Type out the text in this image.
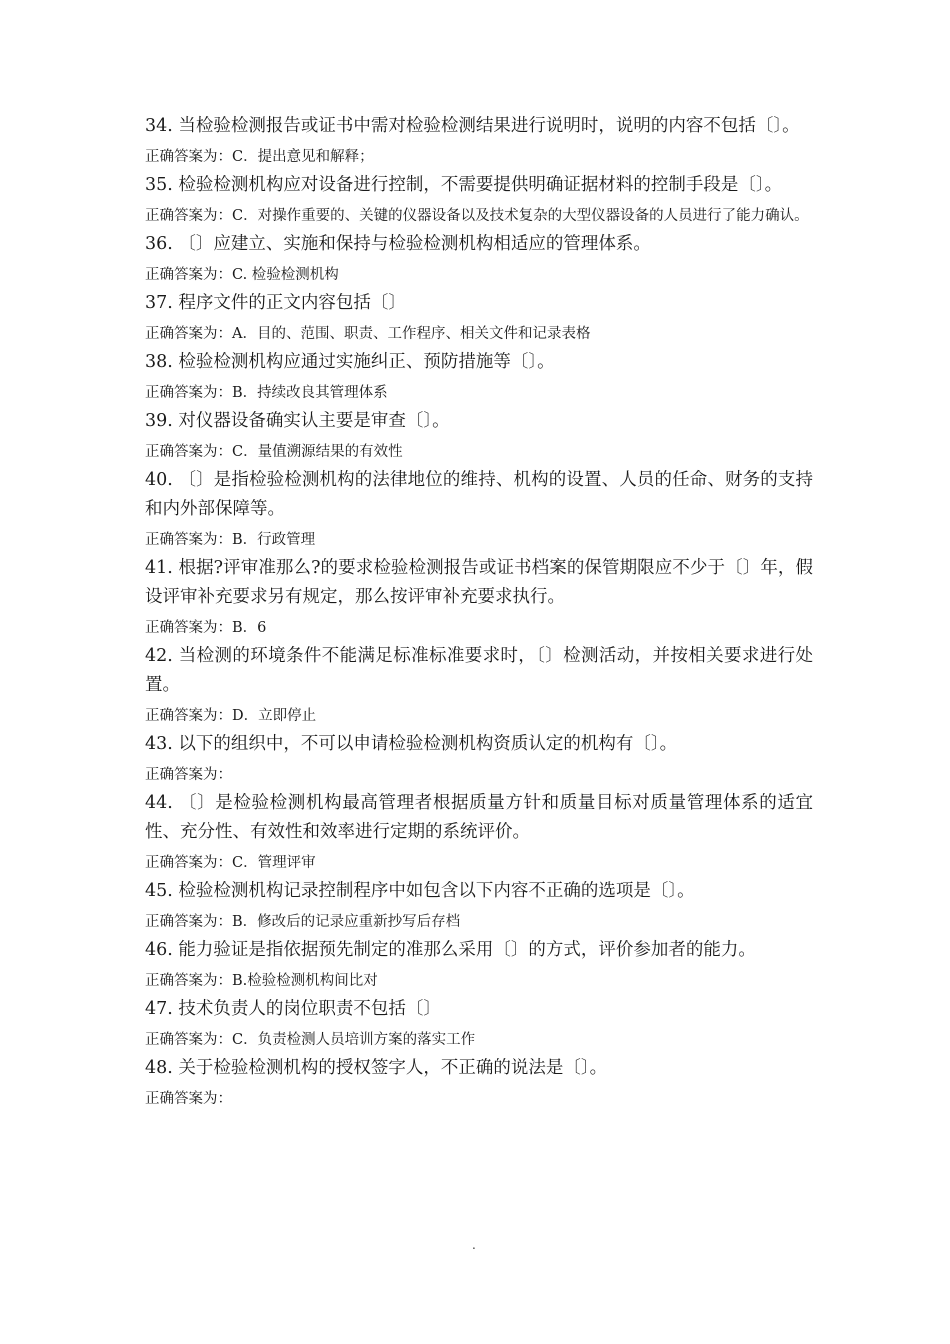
34. 当检验检测报告或证书中需对检验检测结果进行说明时，说明的内容不包括〔〕。

正确答案为：C．提出意见和解释；

35. 检验检测机构应对设备进行控制，不需要提供明确证据材料的控制手段是〔〕。

正确答案为：C．对操作重要的、关键的仪器设备以及技术复杂的大型仪器设备的人员进行了能力确认。

36. 〔〕应建立、实施和保持与检验检测机构相适应的管理体系。

正确答案为：C. 检验检测机构

37. 程序文件的正文内容包括〔〕

正确答案为：A．目的、范围、职责、工作程序、相关文件和记录表格

38. 检验检测机构应通过实施纠正、预防措施等〔〕。

正确答案为：B．持续改良其管理体系

39. 对仪器设备确实认主要是审查〔〕。

正确答案为：C．量值溯源结果的有效性

40. 〔〕是指检验检测机构的法律地位的维持、机构的设置、人员的任命、财务的支持和内外部保障等。

正确答案为：B．行政管理

41. 根据?评审准那么?的要求检验检测报告或证书档案的保管期限应不少于〔〕年，假设评审补充要求另有规定，那么按评审补充要求执行。

正确答案为：B．6

42. 当检测的环境条件不能满足标准标准要求时，〔〕检测活动，并按相关要求进行处置。

正确答案为：D．立即停止

43. 以下的组织中，不可以申请检验检测机构资质认定的机构有〔〕。

正确答案为：

44. 〔〕是检验检测机构最高管理者根据质量方针和质量目标对质量管理体系的适宜性、充分性、有效性和效率进行定期的系统评价。

正确答案为：C．管理评审

45. 检验检测机构记录控制程序中如包含以下内容不正确的选项是〔〕。

正确答案为：B．修改后的记录应重新抄写后存档

46. 能力验证是指依据预先制定的准那么采用〔〕的方式，评价参加者的能力。

正确答案为：B.检验检测机构间比对

47. 技术负责人的岗位职责不包括〔〕

正确答案为：C．负责检测人员培训方案的落实工作

48. 关于检验检测机构的授权签字人，不正确的说法是〔〕。

正确答案为：

.
